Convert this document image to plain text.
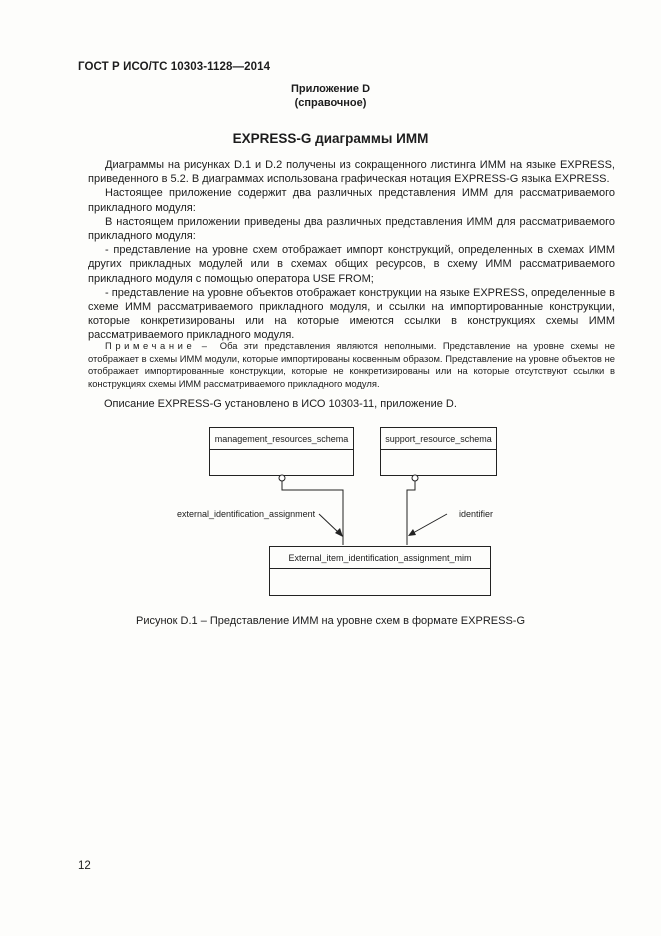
ГОСТ Р ИСО/ТС 10303-1128—2014
Приложение D
(справочное)
EXPRESS-G диаграммы ИММ

Диаграммы на рисунках D.1 и D.2 получены из сокращенного листинга ИММ на языке EXPRESS, приведенного в 5.2. В диаграммах использована графическая нотация EXPRESS-G языка EXPRESS.

Настоящее приложение содержит два различных представления ИММ для рассматриваемого прикладного модуля:

В настоящем приложении приведены два различных представления ИММ для рассматриваемого прикладного модуля:

- представление на уровне схем отображает импорт конструкций, определенных в схемах ИММ других прикладных модулей или в схемах общих ресурсов, в схему ИММ рассматриваемого прикладного модуля с помощью оператора USE FROM;

- представление на уровне объектов отображает конструкции на языке EXPRESS, определенные в схеме ИММ рассматриваемого прикладного модуля, и ссылки на импортированные конструкции, которые конкретизированы или на которые имеются ссылки в конструкциях схемы ИММ рассматриваемого прикладного модуля.

Примечание – Оба эти представления являются неполными. Представление на уровне схемы не отображает в схемы ИММ модули, которые импортированы косвенным образом. Представление на уровне объектов не отображает импортированные конструкции, которые не конкретизированы или на которые отсутствуют ссылки в конструкциях схемы ИММ рассматриваемого прикладного модуля.

Описание EXPRESS-G установлено в ИСО 10303-11, приложение D.
management_resources_schema	support_resource_schema
External_item_identification_assignment_mim
external_identification_assignment	identifier
Рисунок D.1 – Представление ИММ на уровне схем в формате EXPRESS-G
12
